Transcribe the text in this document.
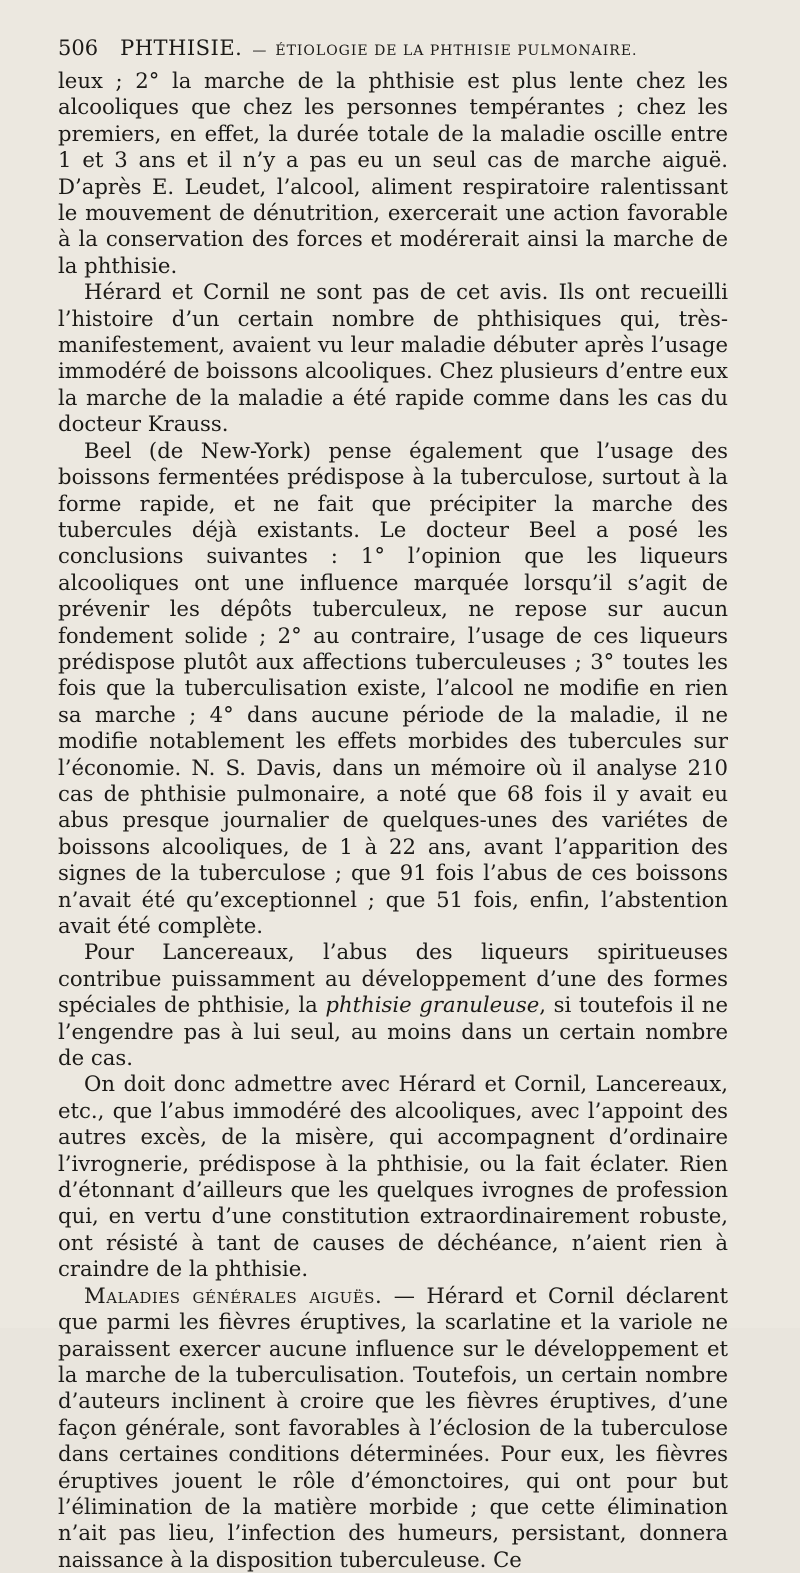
506 PHTHISIE. — ÉTIOLOGIE DE LA PHTHISIE PULMONAIRE.

leux ; 2° la marche de la phthisie est plus lente chez les alcooliques que chez les personnes tempérantes ; chez les premiers, en effet, la durée totale de la maladie oscille entre 1 et 3 ans et il n’y a pas eu un seul cas de marche aiguë. D’après E. Leudet, l’alcool, aliment respiratoire ralentissant le mouvement de dénutrition, exercerait une action favorable à la conservation des forces et modérerait ainsi la marche de la phthisie.

Hérard et Cornil ne sont pas de cet avis. Ils ont recueilli l’histoire d’un certain nombre de phthisiques qui, très-manifestement, avaient vu leur maladie débuter après l’usage immodéré de boissons alcooliques. Chez plusieurs d’entre eux la marche de la maladie a été rapide comme dans les cas du docteur Krauss.

Beel (de New-York) pense également que l’usage des boissons fermentées prédispose à la tuberculose, surtout à la forme rapide, et ne fait que précipiter la marche des tubercules déjà existants. Le docteur Beel a posé les conclusions suivantes : 1° l’opinion que les liqueurs alcooliques ont une influence marquée lorsqu’il s’agit de prévenir les dépôts tuberculeux, ne repose sur aucun fondement solide ; 2° au contraire, l’usage de ces liqueurs prédispose plutôt aux affections tuberculeuses ; 3° toutes les fois que la tuberculisation existe, l’alcool ne modifie en rien sa marche ; 4° dans aucune période de la maladie, il ne modifie notablement les effets morbides des tubercules sur l’économie. N. S. Davis, dans un mémoire où il analyse 210 cas de phthisie pulmonaire, a noté que 68 fois il y avait eu abus presque journalier de quelques-unes des variétes de boissons alcooliques, de 1 à 22 ans, avant l’apparition des signes de la tuberculose ; que 91 fois l’abus de ces boissons n’avait été qu’exceptionnel ; que 51 fois, enfin, l’abstention avait été complète.

Pour Lancereaux, l’abus des liqueurs spiritueuses contribue puissamment au développement d’une des formes spéciales de phthisie, la phthisie granuleuse, si toutefois il ne l’engendre pas à lui seul, au moins dans un certain nombre de cas.

On doit donc admettre avec Hérard et Cornil, Lancereaux, etc., que l’abus immodéré des alcooliques, avec l’appoint des autres excès, de la misère, qui accompagnent d’ordinaire l’ivrognerie, prédispose à la phthisie, ou la fait éclater. Rien d’étonnant d’ailleurs que les quelques ivrognes de profession qui, en vertu d’une constitution extraordinairement robuste, ont résisté à tant de causes de déchéance, n’aient rien à craindre de la phthisie.

Maladies générales aiguës. — Hérard et Cornil déclarent que parmi les fièvres éruptives, la scarlatine et la variole ne paraissent exercer aucune influence sur le développement et la marche de la tuberculisation. Toutefois, un certain nombre d’auteurs inclinent à croire que les fièvres éruptives, d’une façon générale, sont favorables à l’éclosion de la tuberculose dans certaines conditions déterminées. Pour eux, les fièvres éruptives jouent le rôle d’émonctoires, qui ont pour but l’élimination de la matière morbide ; que cette élimination n’ait pas lieu, l’infection des humeurs, persistant, donnera naissance à la disposition tuberculeuse. Ce
